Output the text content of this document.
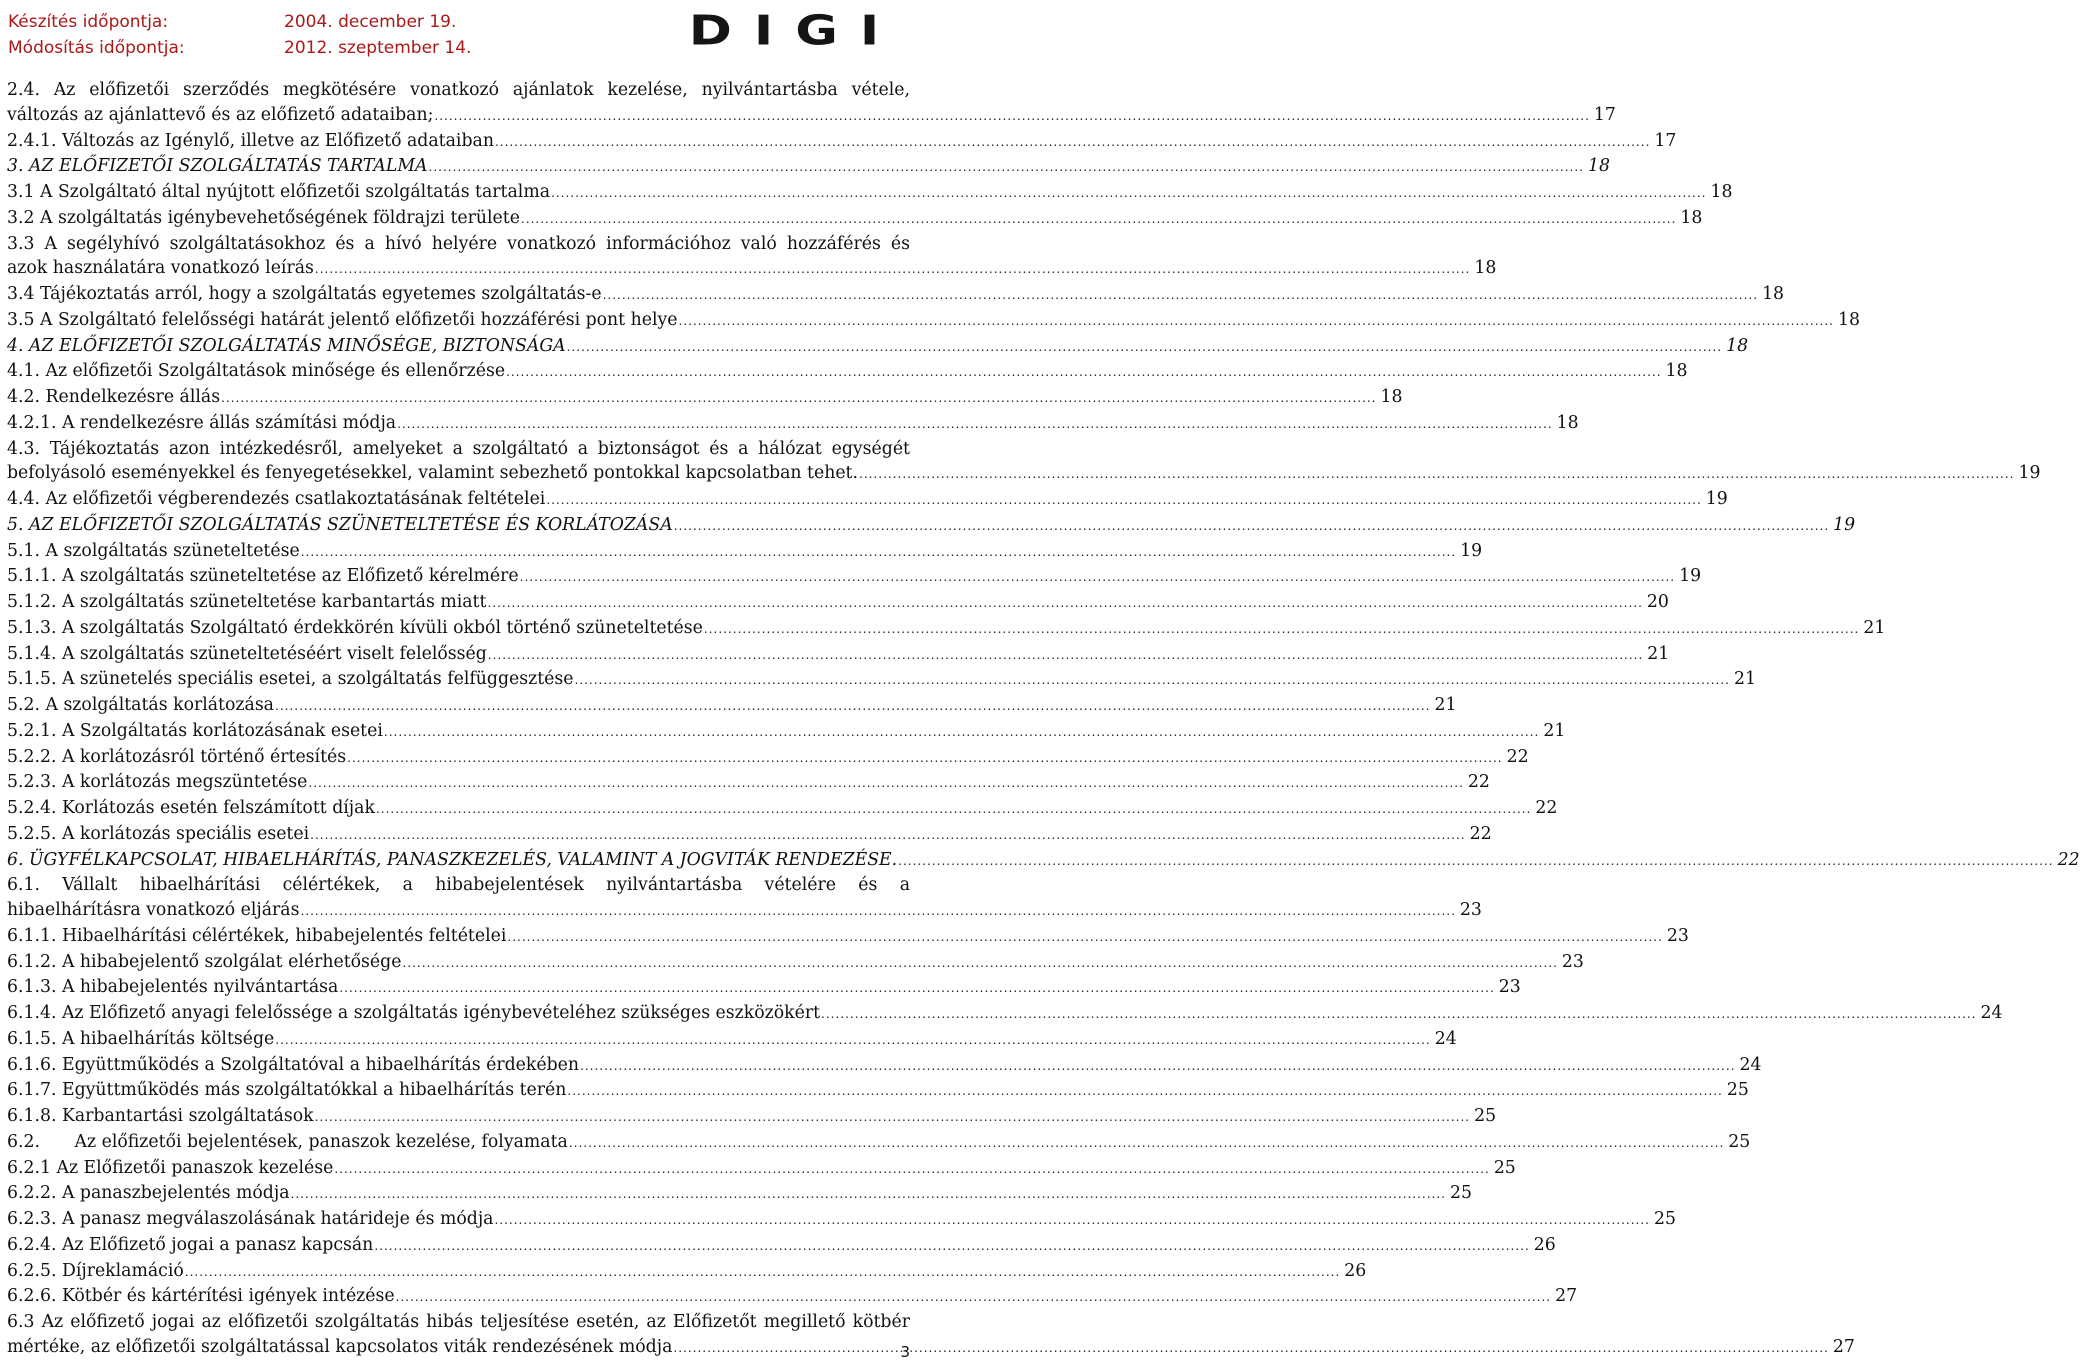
Készítés időpontja:	2004. december 19.
Módosítás időpontja:	2012. szeptember 14.	DIGI
2.4. Az előfizetői szerződés megkötésére vonatkozó ajánlatok kezelése, nyilvántartásba vétele,
változás az ajánlattevő és az előfizető adataiban; .....	17
2.4.1. Változás az Igénylő, illetve az Előfizető adataiban .....	17
3. AZ ELŐFIZETŐI SZOLGÁLTATÁS TARTALMA .....	18
3.1 A Szolgáltató által nyújtott előfizetői szolgáltatás tartalma .....	18
3.2 A szolgáltatás igénybevehetőségének földrajzi területe .....	18
3.3 A segélyhívó szolgáltatásokhoz és a hívó helyére vonatkozó információhoz való hozzáférés és
azok használatára vonatkozó leírás .....	18
3.4 Tájékoztatás arról, hogy a szolgáltatás egyetemes szolgáltatás-e .....	18
3.5 A Szolgáltató felelősségi határát jelentő előfizetői hozzáférési pont helye .....	18
4. AZ ELŐFIZETŐI SZOLGÁLTATÁS MINŐSÉGE, BIZTONSÁGA .....	18
4.1. Az előfizetői Szolgáltatások minősége és ellenőrzése .....	18
4.2. Rendelkezésre állás .....	18
4.2.1. A rendelkezésre állás számítási módja .....	18
4.3. Tájékoztatás azon intézkedésről, amelyeket a szolgáltató a biztonságot és a hálózat egységét
befolyásoló eseményekkel és fenyegetésekkel, valamint sebezhető pontokkal kapcsolatban tehet. .....	19
4.4. Az előfizetői végberendezés csatlakoztatásának feltételei .....	19
5. AZ ELŐFIZETŐI SZOLGÁLTATÁS SZÜNETELTETÉSE ÉS KORLÁTOZÁSA .....	19
5.1. A szolgáltatás szüneteltetése .....	19
5.1.1. A szolgáltatás szüneteltetése az Előfizető kérelmére .....	19
5.1.2. A szolgáltatás szüneteltetése karbantartás miatt .....	20
5.1.3. A szolgáltatás Szolgáltató érdekkörén kívüli okból történő szüneteltetése .....	21
5.1.4. A szolgáltatás szüneteltetéséért viselt felelősség .....	21
5.1.5. A szünetelés speciális esetei, a szolgáltatás felfüggesztése .....	21
5.2. A szolgáltatás korlátozása .....	21
5.2.1. A Szolgáltatás korlátozásának esetei .....	21
5.2.2. A korlátozásról történő értesítés .....	22
5.2.3. A korlátozás megszüntetése .....	22
5.2.4. Korlátozás esetén felszámított díjak .....	22
5.2.5. A korlátozás speciális esetei .....	22
6. ÜGYFÉLKAPCSOLAT, HIBAELHÁRÍTÁS, PANASZKEZELÉS, VALAMINT A JOGVITÁK RENDEZÉSE. .....	22
6.1. Vállalt hibaelhárítási célértékek, a hibabejelentések nyilvántartásba vételére és a
hibaelhárításra vonatkozó eljárás .....	23
6.1.1. Hibaelhárítási célértékek, hibabejelentés feltételei .....	23
6.1.2. A hibabejelentő szolgálat elérhetősége .....	23
6.1.3. A hibabejelentés nyilvántartása .....	23
6.1.4. Az Előfizető anyagi felelőssége a szolgáltatás igénybevételéhez szükséges eszközökért .....	24
6.1.5. A hibaelhárítás költsége .....	24
6.1.6. Együttműködés a Szolgáltatóval a hibaelhárítás érdekében .....	24
6.1.7. Együttműködés más szolgáltatókkal a hibaelhárítás terén .....	25
6.1.8. Karbantartási szolgáltatások .....	25
6.2.  Az előfizetői bejelentések, panaszok kezelése, folyamata .....	25
6.2.1 Az Előfizetői panaszok kezelése .....	25
6.2.2. A panaszbejelentés módja .....	25
6.2.3. A panasz megválaszolásának határideje és módja .....	25
6.2.4. Az Előfizető jogai a panasz kapcsán .....	26
6.2.5. Díjreklamáció .....	26
6.2.6. Kötbér és kártérítési igények intézése .....	27
6.3 Az előfizető jogai az előfizetői szolgáltatás hibás teljesítése esetén, az Előfizetőt megillető kötbér
mértéke, az előfizetői szolgáltatással kapcsolatos viták rendezésének módja .....	27
3
